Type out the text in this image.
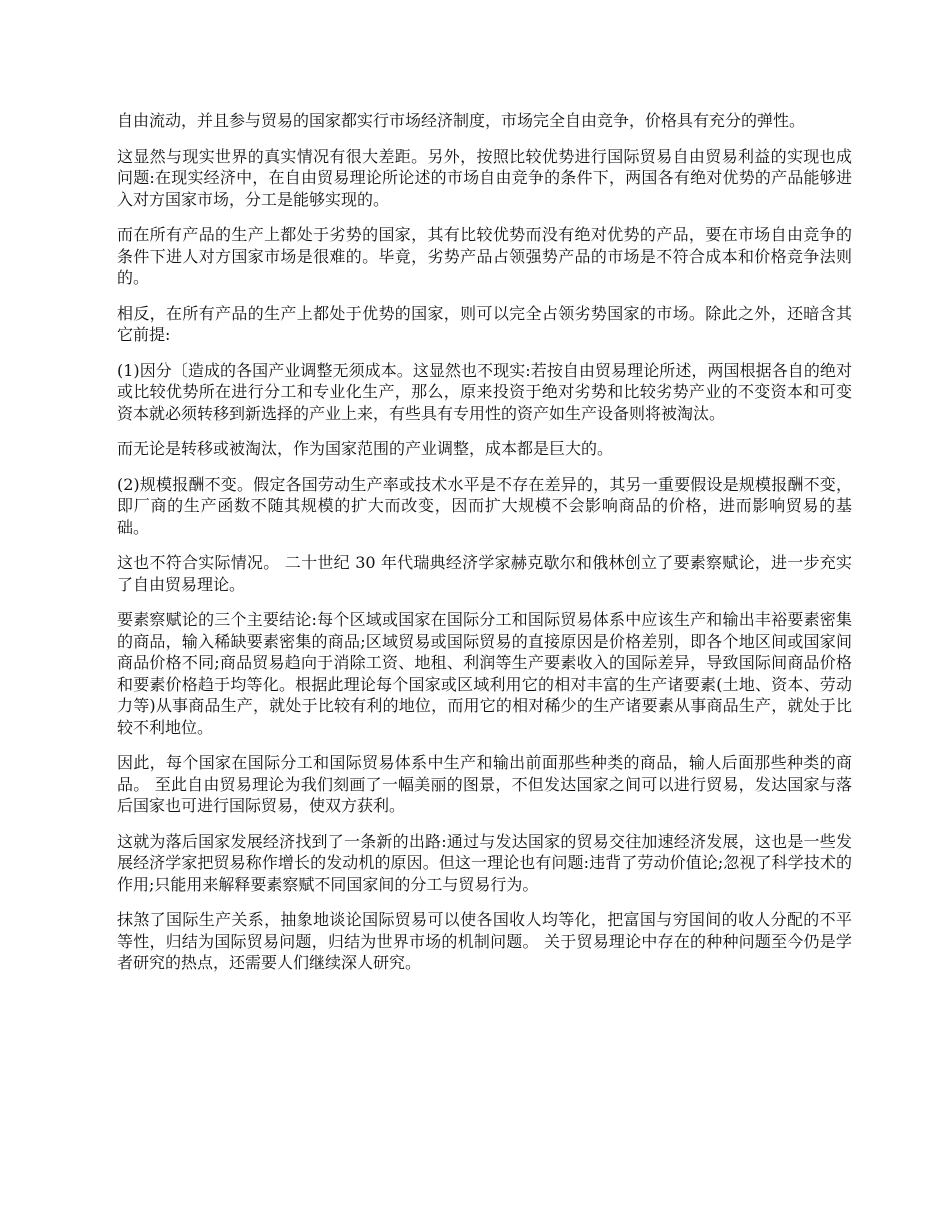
自由流动，并且参与贸易的国家都实行市场经济制度，市场完全自由竞争，价格具有充分的弹性。

这显然与现实世界的真实情况有很大差距。另外，按照比较优势进行国际贸易自由贸易利益的实现也成问题:在现实经济中，在自由贸易理论所论述的市场自由竞争的条件下，两国各有绝对优势的产品能够进入对方国家市场，分工是能够实现的。

而在所有产品的生产上都处于劣势的国家，其有比较优势而没有绝对优势的产品，要在市场自由竞争的条件下进人对方国家市场是很难的。毕竟，劣势产品占领强势产品的市场是不符合成本和价格竞争法则的。

相反，在所有产品的生产上都处于优势的国家，则可以完全占领劣势国家的市场。除此之外，还暗含其它前提:

(1)因分〔造成的各国产业调整无须成本。这显然也不现实:若按自由贸易理论所述，两国根据各自的绝对或比较优势所在进行分工和专业化生产，那么，原来投资于绝对劣势和比较劣势产业的不变资本和可变资本就必须转移到新选择的产业上来，有些具有专用性的资产如生产设备则将被淘汰。

而无论是转移或被淘汰，作为国家范围的产业调整，成本都是巨大的。

(2)规模报酬不变。假定各国劳动生产率或技术水平是不存在差异的，其另一重要假设是规模报酬不变，即厂商的生产函数不随其规模的扩大而改变，因而扩大规模不会影响商品的价格，进而影响贸易的基础。

这也不符合实际情况。 二十世纪 30 年代瑞典经济学家赫克歇尔和俄林创立了要素察赋论，进一步充实了自由贸易理论。

要素察赋论的三个主要结论:每个区域或国家在国际分工和国际贸易体系中应该生产和输出丰裕要素密集的商品，输入稀缺要素密集的商品;区域贸易或国际贸易的直接原因是价格差别，即各个地区间或国家间商品价格不同;商品贸易趋向于消除工资、地租、利润等生产要素收入的国际差异，导致国际间商品价格和要素价格趋于均等化。根据此理论每个国家或区域利用它的相对丰富的生产诸要素(土地、资本、劳动力等)从事商品生产，就处于比较有利的地位，而用它的相对稀少的生产诸要素从事商品生产，就处于比较不利地位。

因此，每个国家在国际分工和国际贸易体系中生产和输出前面那些种类的商品，输人后面那些种类的商品。 至此自由贸易理论为我们刻画了一幅美丽的图景，不但发达国家之间可以进行贸易，发达国家与落后国家也可进行国际贸易，使双方获利。

这就为落后国家发展经济找到了一条新的出路:通过与发达国家的贸易交往加速经济发展，这也是一些发展经济学家把贸易称作增长的发动机的原因。但这一理论也有问题:违背了劳动价值论;忽视了科学技术的作用;只能用来解释要素察赋不同国家间的分工与贸易行为。

抹煞了国际生产关系，抽象地谈论国际贸易可以使各国收人均等化，把富国与穷国间的收人分配的不平等性，归结为国际贸易问题，归结为世界市场的机制问题。 关于贸易理论中存在的种种问题至今仍是学者研究的热点，还需要人们继续深人研究。
